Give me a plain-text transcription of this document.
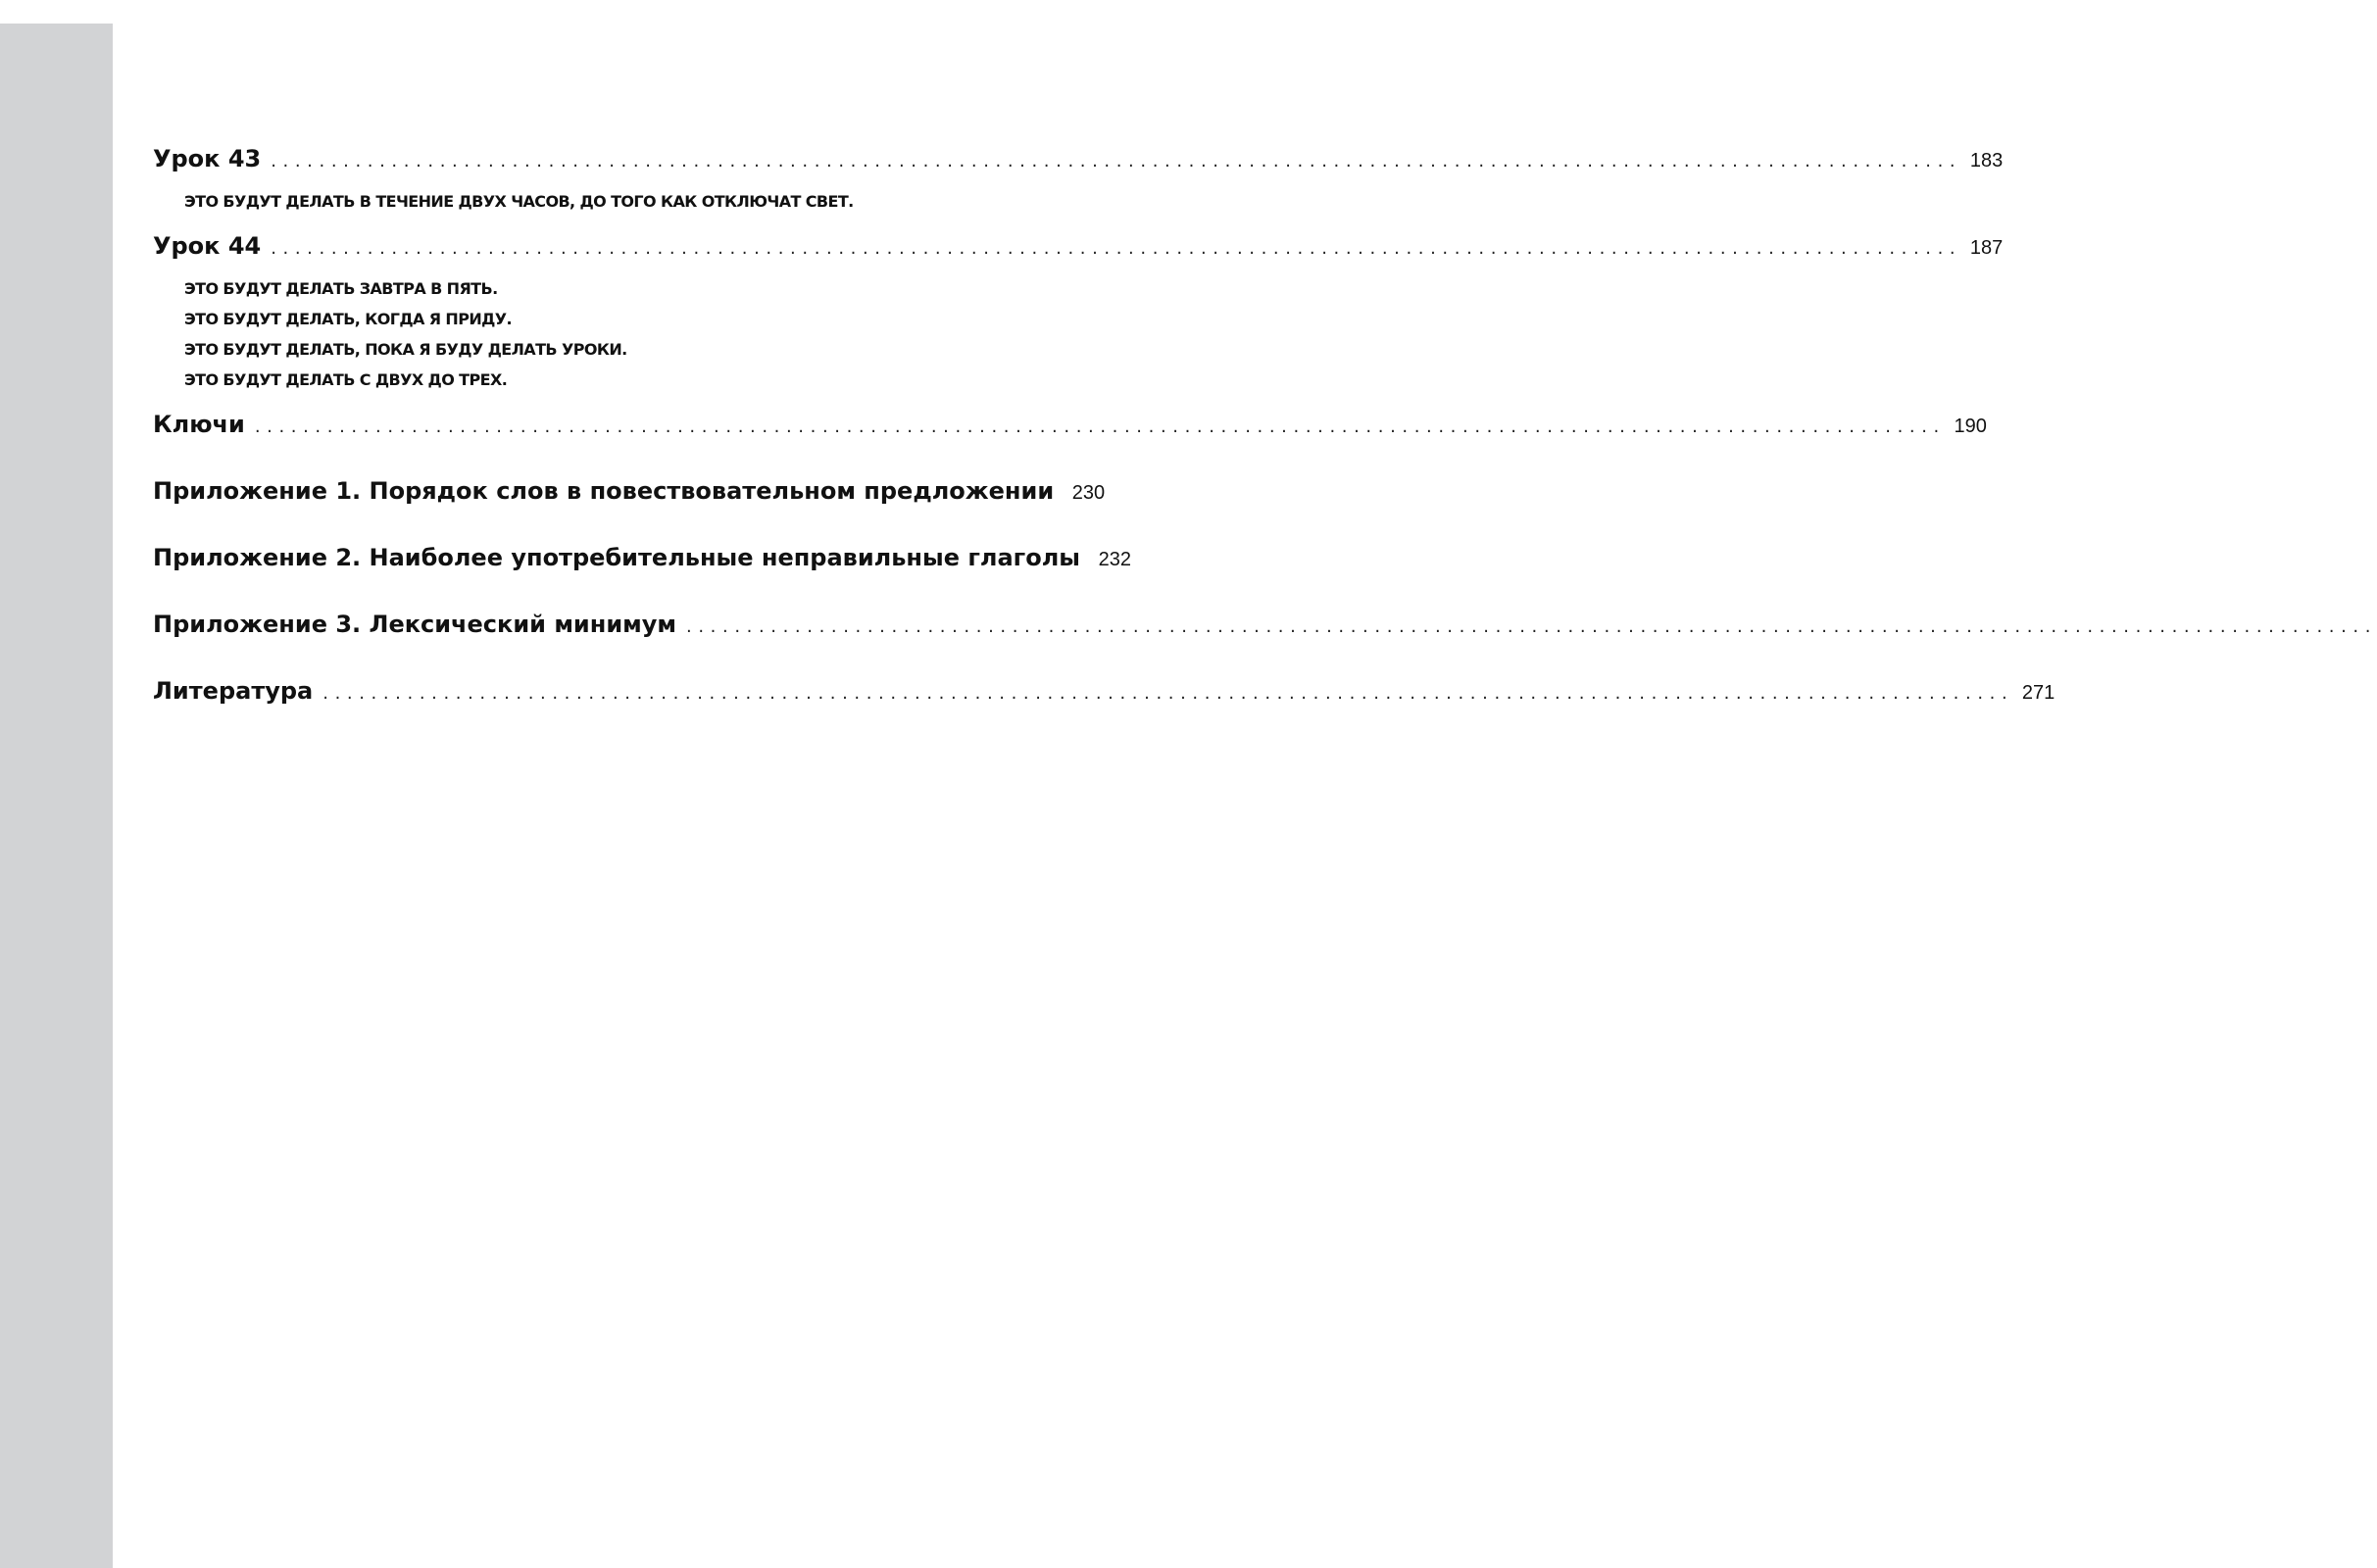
Урок 43 ............................................................................................................................................ 183
ЭТО БУДУТ ДЕЛАТЬ В ТЕЧЕНИЕ ДВУХ ЧАСОВ, ДО ТОГО КАК ОТКЛЮЧАТ СВЕТ.
Урок 44 ............................................................................................................................................ 187
ЭТО БУДУТ ДЕЛАТЬ ЗАВТРА В ПЯТЬ.
ЭТО БУДУТ ДЕЛАТЬ, КОГДА Я ПРИДУ.
ЭТО БУДУТ ДЕЛАТЬ, ПОКА Я БУДУ ДЕЛАТЬ УРОКИ.
ЭТО БУДУТ ДЕЛАТЬ С ДВУХ ДО ТРЕХ.
Ключи ............................................................................................................................................ 190
Приложение 1. Порядок слов в повествовательном предложении 230
Приложение 2. Наиболее употребительные неправильные глаголы 232
Приложение 3. Лексический минимум ............................................................................................................................................
Литература ............................................................................................................................................ 271
